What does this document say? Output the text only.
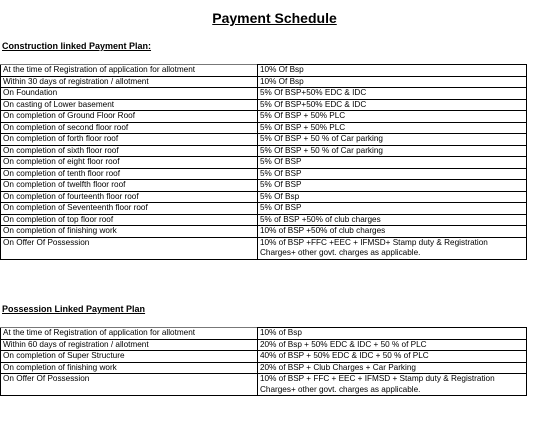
Payment Schedule
Construction linked Payment Plan:
At the time of Registration of application for allotment	10% Of Bsp
Within 30 days of registration / allotment	10% Of Bsp
On Foundation	5% Of BSP+50% EDC & IDC
On casting of Lower basement	5% Of BSP+50% EDC & IDC
On completion of Ground Floor Roof	5% Of BSP + 50% PLC
On completion of second floor roof	5% Of BSP + 50% PLC
On completion of forth floor roof	5% Of BSP + 50 % of Car parking
On completion of sixth floor roof	5% Of BSP + 50 % of Car parking
On completion of eight floor roof	5% Of BSP
On completion of tenth floor roof	5% Of BSP
On completion of twelfth floor roof	5% Of BSP
On completion of fourteenth floor roof	5% Of Bsp
On completion of Seventeenth floor roof	5% Of BSP
On completion of top floor roof	5% of BSP +50% of club charges
On completion of finishing work	10% of BSP +50% of club charges
On Offer Of Possession	10% of BSP +FFC +EEC + IFMSD+ Stamp duty & Registration Charges+ other govt. charges as applicable.
Possession Linked Payment Plan
At the time of Registration of application for allotment	10% of Bsp
Within 60 days of registration / allotment	20% of Bsp + 50% EDC & IDC + 50 % of PLC
On completion of Super Structure	40% of BSP + 50% EDC & IDC + 50 % of PLC
On completion of finishing work	20% of BSP + Club Charges + Car Parking
On Offer Of Possession	10% of BSP + FFC + EEC + IFMSD + Stamp duty & Registration Charges+ other govt. charges as applicable.
